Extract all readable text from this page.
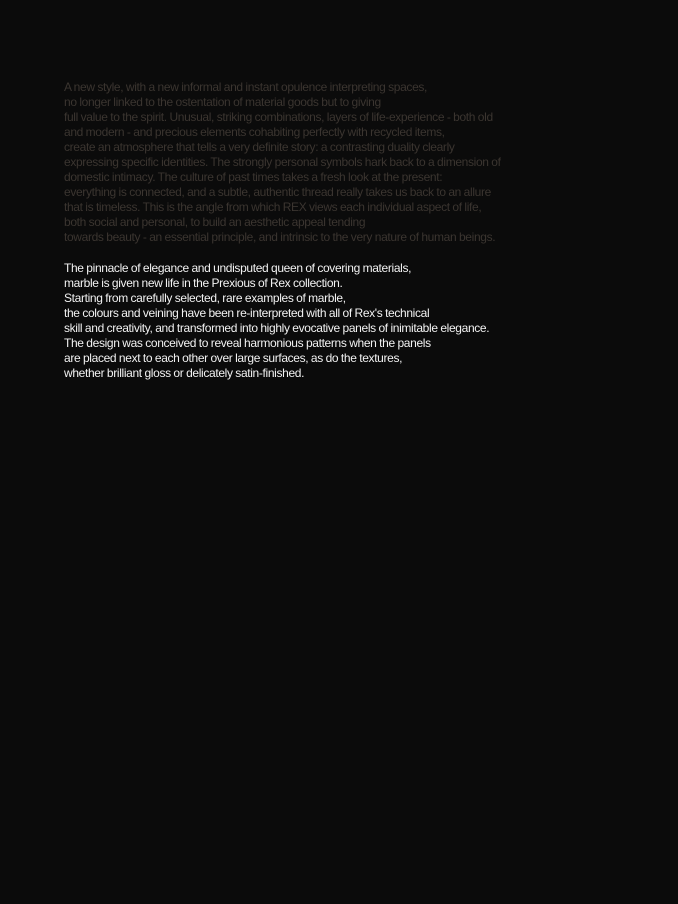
A new style, with a new informal and instant opulence interpreting spaces,
no longer linked to the ostentation of material goods but to giving
full value to the spirit. Unusual, striking combinations, layers of life-experience - both old
and modern - and precious elements cohabiting perfectly with recycled items,
create an atmosphere that tells a very definite story: a contrasting duality clearly
expressing specific identities. The strongly personal symbols hark back to a dimension of
domestic intimacy. The culture of past times takes a fresh look at the present:
everything is connected, and a subtle, authentic thread really takes us back to an allure
that is timeless. This is the angle from which REX views each individual aspect of life,
both social and personal, to build an aesthetic appeal tending
towards beauty - an essential principle, and intrinsic to the very nature of human beings.

The pinnacle of elegance and undisputed queen of covering materials,
marble is given new life in the Prexious of Rex collection.
Starting from carefully selected, rare examples of marble,
the colours and veining have been re-interpreted with all of Rex's technical
skill and creativity, and transformed into highly evocative panels of inimitable elegance.
The design was conceived to reveal harmonious patterns when the panels
are placed next to each other over large surfaces, as do the textures,
whether brilliant gloss or delicately satin-finished.
